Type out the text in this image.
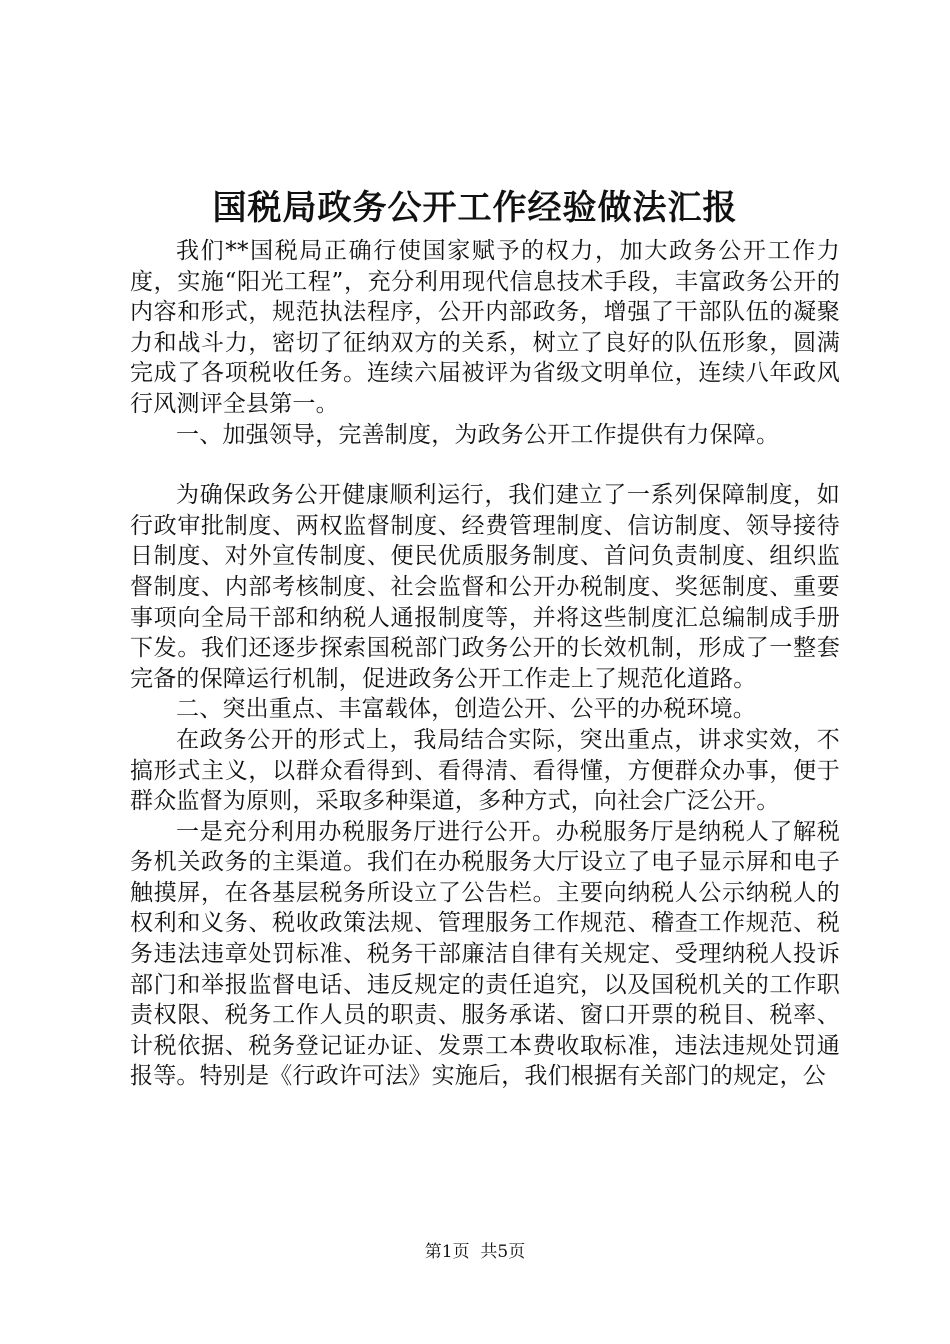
国税局政务公开工作经验做法汇报

我们**国税局正确行使国家赋予的权力，加大政务公开工作力度，实施“阳光工程”，充分利用现代信息技术手段，丰富政务公开的内容和形式，规范执法程序，公开内部政务，增强了干部队伍的凝聚力和战斗力，密切了征纳双方的关系，树立了良好的队伍形象，圆满完成了各项税收任务。连续六届被评为省级文明单位，连续八年政风行风测评全县第一。

一、加强领导，完善制度，为政务公开工作提供有力保障。

为确保政务公开健康顺利运行，我们建立了一系列保障制度，如行政审批制度、两权监督制度、经费管理制度、信访制度、领导接待日制度、对外宣传制度、便民优质服务制度、首问负责制度、组织监督制度、内部考核制度、社会监督和公开办税制度、奖惩制度、重要事项向全局干部和纳税人通报制度等，并将这些制度汇总编制成手册下发。我们还逐步探索国税部门政务公开的长效机制，形成了一整套完备的保障运行机制，促进政务公开工作走上了规范化道路。

二、突出重点、丰富载体，创造公开、公平的办税环境。

在政务公开的形式上，我局结合实际，突出重点，讲求实效，不搞形式主义，以群众看得到、看得清、看得懂，方便群众办事，便于群众监督为原则，采取多种渠道，多种方式，向社会广泛公开。

一是充分利用办税服务厅进行公开。办税服务厅是纳税人了解税务机关政务的主渠道。我们在办税服务大厅设立了电子显示屏和电子触摸屏，在各基层税务所设立了公告栏。主要向纳税人公示纳税人的权利和义务、税收政策法规、管理服务工作规范、稽查工作规范、税务违法违章处罚标准、税务干部廉洁自律有关规定、受理纳税人投诉部门和举报监督电话、违反规定的责任追究，以及国税机关的工作职责权限、税务工作人员的职责、服务承诺、窗口开票的税目、税率、计税依据、税务登记证办证、发票工本费收取标准，违法违规处罚通报等。特别是《行政许可法》实施后，我们根据有关部门的规定，公

第1页  共5页
